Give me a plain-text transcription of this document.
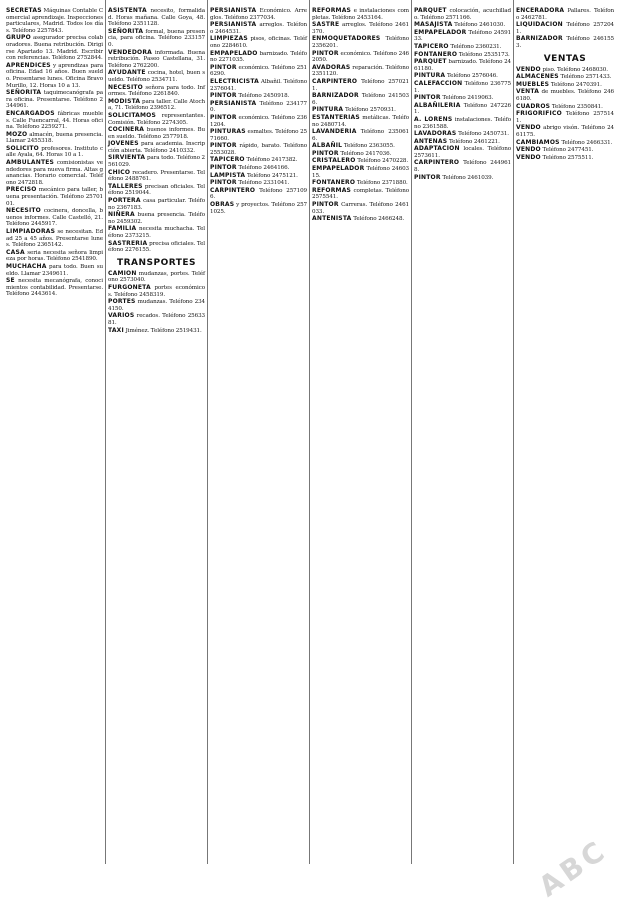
SECRETAS Máquinas Contable Comercial aprendizaje. Inspecciones particulares, Madrid. Todos los días. Teléfono 2257843.

GRUPO asegurador precisa colaboradores. Buena retribución. Dirigirse Apartado 13. Madrid. Escribir con referencias. Teléfono 2752844.

APRENDICES y aprendizas para oficina. Edad 16 años. Buen sueldo. Presentarse lunes. Oficina Bravo Murillo, 12. Horas 10 a 13.

SEÑORITA taquimecanógrafa para oficina. Presentarse. Teléfono 2344961.

ENCARGADOS fábricas muebles. Calle Fuencarral, 44. Horas oficina. Teléfono 2259271.

MOZO almacén, buena presencia. Llamar 2455318.

SOLICITO profesores. Instituto calle Ayala, 64. Horas 10 a 1.

AMBULANTES comisionistas vendedores para nueva firma. Altas ganancias. Horario comercial. Teléfono 2472818.

PRECISO mecánico para taller, buena presentación. Teléfono 2570101.

NECESITO cocinera, doncella, buenos informes. Calle Castelló, 21. Teléfono 2445917.

LIMPIADORAS se necesitan. Edad 25 a 45 años. Presentarse lunes. Teléfono 2365142.

CASA seria necesita señora limpieza por horas. Teléfono 2541890.

MUCHACHA para todo. Buen sueldo. Llamar 2349611.

SE necesita mecanógrafa, conocimientos contabilidad. Presentarse. Teléfono 2443614.

ASISTENTA necesito, formalidad. Horas mañana. Calle Goya, 48. Teléfono 2351128.

SEÑORITA formal, buena presencia, para oficina. Teléfono 2331570.

VENDEDORA informada. Buena retribución. Paseo Castellana, 31. Teléfono 2762200.

AYUDANTE cocina, hotel, buen sueldo. Teléfono 2534711.

NECESITO señora para todo. Informes. Teléfono 2261840.

MODISTA para taller. Calle Atocha, 71. Teléfono 2396512.

SOLICITAMOS representantes. Comisión. Teléfono 2274305.

COCINERA buenos informes. Buen sueldo. Teléfono 2577918.

JOVENES para academia. Inscripción abierta. Teléfono 2410332.

SIRVIENTA para todo. Teléfono 2561029.

CHICO recadero. Presentarse. Teléfono 2488761.

TALLERES precisan oficiales. Teléfono 2519044.

PORTERA casa particular. Teléfono 2367183.

NIÑERA buena presencia. Teléfono 2459302.

FAMILIA necesita muchacha. Teléfono 2373215.

SASTRERIA precisa oficiales. Teléfono 2276155.

TRANSPORTES

CAMION mudanzas, portes. Teléfono 2573040.

FURGONETA portes económicos. Teléfono 2458319.

PORTES mudanzas. Teléfono 2344150.

VARIOS recados. Teléfono 2563381.

TAXI Jiménez. Teléfono 2519431.

PERSIANISTA Económico. Arreglos. Teléfono 2377034.

PERSIANISTA arreglos. Teléfono 2464531.

LIMPIEZAS pisos, oficinas. Teléfono 2284610.

EMPAPELADO barnizado. Teléfono 2271035.

PINTOR económico. Teléfono 2516290.

ELECTRICISTA Albañil. Teléfono 2376041.

PINTOR Teléfono 2450918.

PERSIANISTA Teléfono 2341770.

PINTOR económico. Teléfono 2361204.

PINTURAS esmaltes. Teléfono 2571660.

PINTOR rápido, barato. Teléfono 2553028.

TAPICERO Teléfono 2417382.

PINTOR Teléfono 2464166.

LAMPISTA Teléfono 2475121.

PINTOR Teléfono 2331041.

CARPINTERO Teléfono 2571096.

OBRAS y proyectos. Teléfono 2571025.

REFORMAS e instalaciones completas. Teléfono 2453164.

SASTRE arreglos. Teléfono 2461370.

ENMOQUETADORES Teléfono 2356201.

PINTOR económico. Teléfono 2462050.

AVADORAS reparación. Teléfono 2351120.

CARPINTERO Teléfono 2570211.

BARNIZADOR Teléfono 2415036.

PINTURA Teléfono 2570931.

ESTANTERIAS metálicas. Teléfono 2480714.

LAVANDERIA Teléfono 2350616.

ALBAÑIL Teléfono 2363055.

PINTOR Teléfono 2417036.

CRISTALERO Teléfono 2470228.

EMPAPELADOR Teléfono 2460315.

FONTANERO Teléfono 2371880.

REFORMAS completas. Teléfono 2575541.

PINTOR Carreras. Teléfono 2461033.

ANTENISTA Teléfono 2466248.

PARQUET colocación, acuchillado. Teléfono 2571166.

MASAJISTA Teléfono 2461030.

EMPAPELADOR Teléfono 2459133.

TAPICERO Teléfono 2360231.

FONTANERO Teléfono 2535173.

PARQUET barnizado. Teléfono 2461180.

PINTURA Teléfono 2576046.

CALEFACCION Teléfono 2367751.

PINTOR Teléfono 2419063.

ALBAÑILERIA Teléfono 2472261.

A. LORENS instalaciones. Teléfono 2361588.

LAVADORAS Teléfono 2450731.

ANTENAS Teléfono 2461221.

ADAPTACION locales. Teléfono 2573611.

CARPINTERO Teléfono 2449618.

PINTOR Teléfono 2461039.

ENCERADORA Pallares. Teléfono 2462781.

LIQUIDACION Teléfono 2572041.

BARNIZADOR Teléfono 2461553.

VENTAS

VENDO piso. Teléfono 2468030.

ALMACENES Teléfono 2571433.

MUEBLES Teléfono 2470391.

VENTA de muebles. Teléfono 2466180.

CUADROS Teléfono 2350841.

FRIGORIFICO Teléfono 2575141.

VENDO abrigo visón. Teléfono 2461175.

CAMBIAMOS Teléfono 2466331.

VENDO Teléfono 2477451.

VENDO Teléfono 2575511.

ABC
